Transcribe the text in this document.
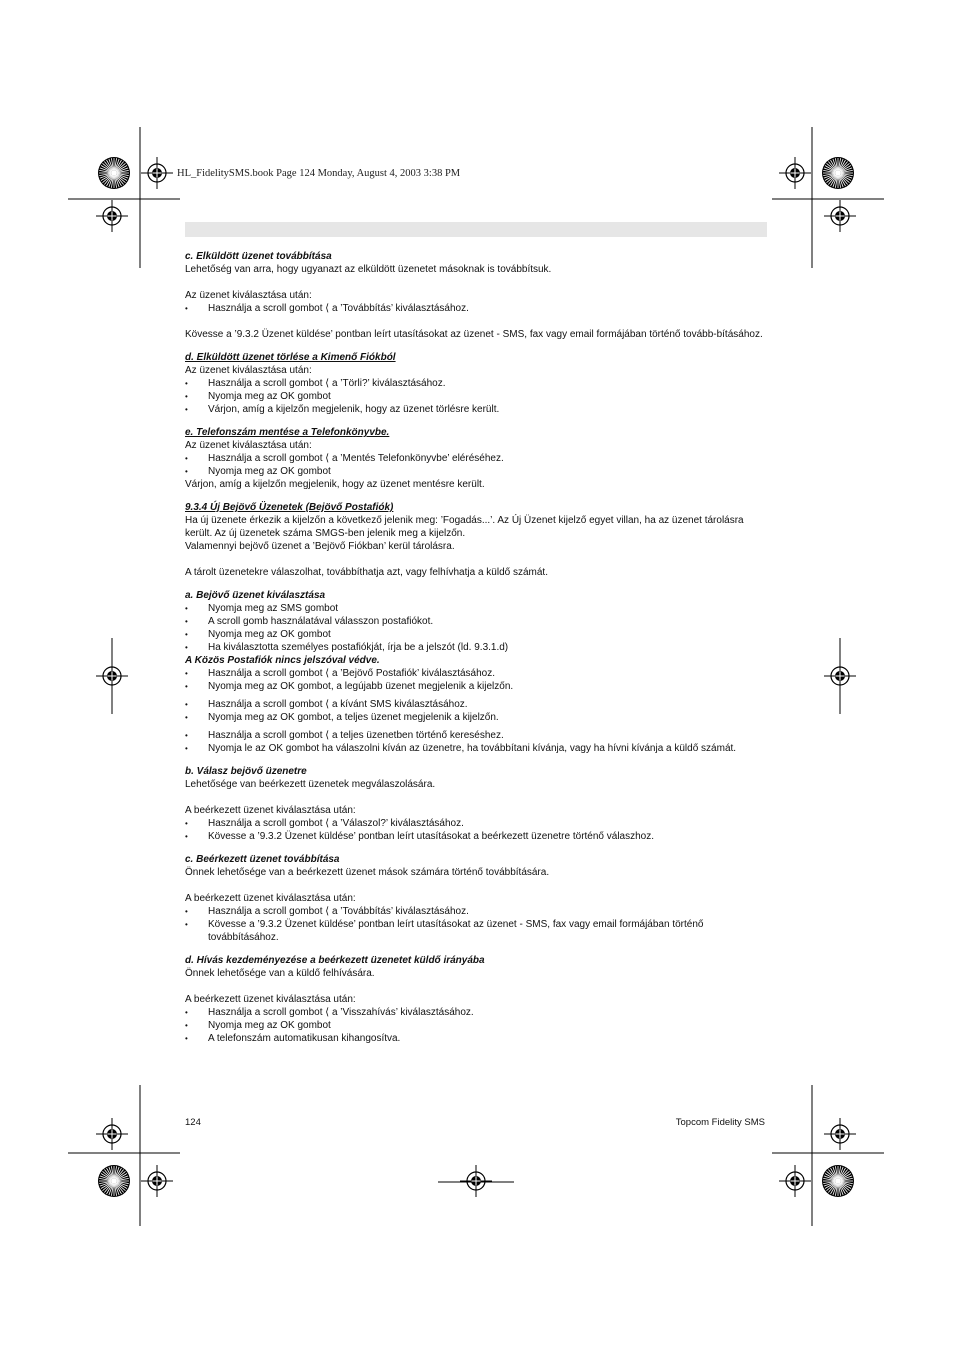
HL_FidelitySMS.book Page 124 Monday, August 4, 2003 3:38 PM

c. Elküldött üzenet továbbítása

Lehetőség van arra, hogy ugyanazt az elküldött üzenetet másoknak is továbbítsuk.
Az üzenet kiválasztása után:
• Használja a scroll gombot ⟨ a ’Továbbítás’ kiválasztásához.
Kövesse a ’9.3.2 Üzenet küldése’ pontban leírt utasításokat az üzenet - SMS, fax vagy email formájában történő tovább-bításához.

d. Elküldött üzenet törlése a Kimenő Fiókból

Az üzenet kiválasztása után:
• Használja a scroll gombot ⟨ a ’Törli?’ kiválasztásához.
• Nyomja meg az OK gombot
• Várjon, amíg a kijelzőn megjelenik, hogy az üzenet törlésre került.

e. Telefonszám mentése a Telefonkönyvbe.

Az üzenet kiválasztása után:
• Használja a scroll gombot ⟨ a ’Mentés Telefonkönyvbe’ eléréséhez.
• Nyomja meg az OK gombot
Várjon, amíg a kijelzőn megjelenik, hogy az üzenet mentésre került.

9.3.4 Új Bejövő Üzenetek (Bejövő Postafiók)

Ha új üzenete érkezik a kijelzőn a következő jelenik meg: ’Fogadás...’. Az Új Üzenet kijelző egyet villan, ha az üzenet tárolásra került. Az új üzenetek száma SMGS-ben jelenik meg a kijelzőn.
Valamennyi bejövő üzenet a ’Bejövő Fiókban’ kerül tárolásra.
A tárolt üzenetekre válaszolhat, továbbíthatja azt, vagy felhívhatja a küldő számát.

a. Bejövő üzenet kiválasztása

• Nyomja meg az SMS gombot
• A scroll gomb használatával válasszon postafiókot.
• Nyomja meg az OK gombot
• Ha kiválasztotta személyes postafiókját, írja be a jelszót (ld. 9.3.1.d)
A Közös Postafiók nincs jelszóval védve.
• Használja a scroll gombot ⟨ a ’Bejövő Postafiók’ kiválasztásához.
• Nyomja meg az OK gombot, a legújabb üzenet megjelenik a kijelzőn.
• Használja a scroll gombot ⟨ a kívánt SMS kiválasztásához.
• Nyomja meg az OK gombot, a teljes üzenet megjelenik a kijelzőn.
• Használja a scroll gombot ⟨ a teljes üzenetben történő kereséshez.
• Nyomja le az OK gombot ha válaszolni kíván az üzenetre, ha továbbítani kívánja, vagy ha hívni kívánja a küldő számát.

b. Válasz bejövő üzenetre

Lehetősége van beérkezett üzenetek megválaszolására.
A beérkezett üzenet kiválasztása után:
• Használja a scroll gombot ⟨ a ’Válaszol?’ kiválasztásához.
• Kövesse a ’9.3.2 Üzenet küldése’ pontban leírt utasításokat a beérkezett üzenetre történő válaszhoz.

c. Beérkezett üzenet továbbítása

Önnek lehetősége van a beérkezett üzenet mások számára történő továbbítására.
A beérkezett üzenet kiválasztása után:
• Használja a scroll gombot ⟨ a ’Továbbítás’ kiválasztásához.
• Kövesse a ’9.3.2 Üzenet küldése’ pontban leírt utasításokat az üzenet - SMS, fax vagy email formájában történő továbbításához.

d. Hívás kezdeményezése a beérkezett üzenetet küldő irányába

Önnek lehetősége van a küldő felhívására.
A beérkezett üzenet kiválasztása után:
• Használja a scroll gombot ⟨ a ’Visszahívás’ kiválasztásához.
• Nyomja meg az OK gombot
• A telefonszám automatikusan kihangosítva.
124	Topcom Fidelity SMS
